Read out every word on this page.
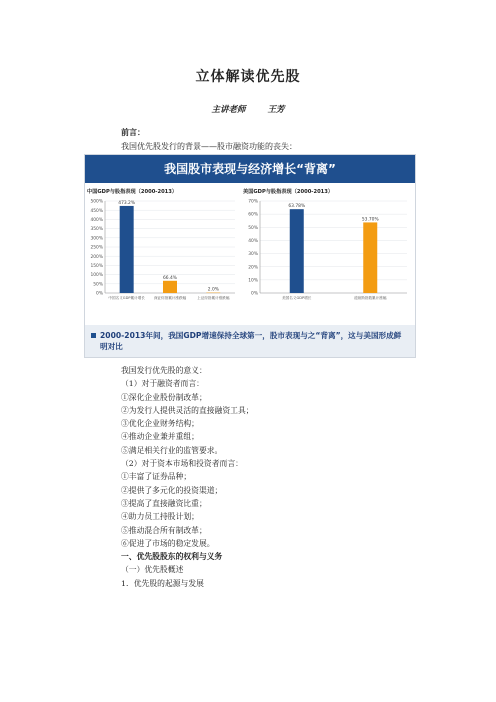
立体解读优先股
主讲老师	王芳
前言：
我国优先股发行的背景——股市融资功能的丧失：
我国股市表现与经济增长“背离”
中国GDP与股指表现（2000-2013）
500%
450%
400%
350%
300%
250%
200%
150%
100%
50%
0%
473.2%
中国名义GDP累计增长
66.4%
深证综指累计涨跌幅
2.0%
上证综指累计涨跌幅
美国GDP与股指表现（2000-2013）
70%
60%
50%
40%
30%
20%
10%
0%
63.78%
美国名义GDP增长
53.70%
道琼斯指数累计涨幅
2000-2013年间，我国GDP增速保持全球第一，股市表现与之“背离”，这与美国形成鲜明对比
我国发行优先股的意义：
（1）对于融资者而言：
①深化企业股份制改革；
②为发行人提供灵活的直接融资工具；
③优化企业财务结构；
④推动企业兼并重组；
⑤满足相关行业的监管要求。
（2）对于资本市场和投资者而言：
①丰富了证券品种；
②提供了多元化的投资渠道；
③提高了直接融资比重；
④助力员工持股计划；
⑤推动混合所有制改革；
⑥促进了市场的稳定发展。
一、优先股股东的权利与义务
（一）优先股概述
1．优先股的起源与发展
